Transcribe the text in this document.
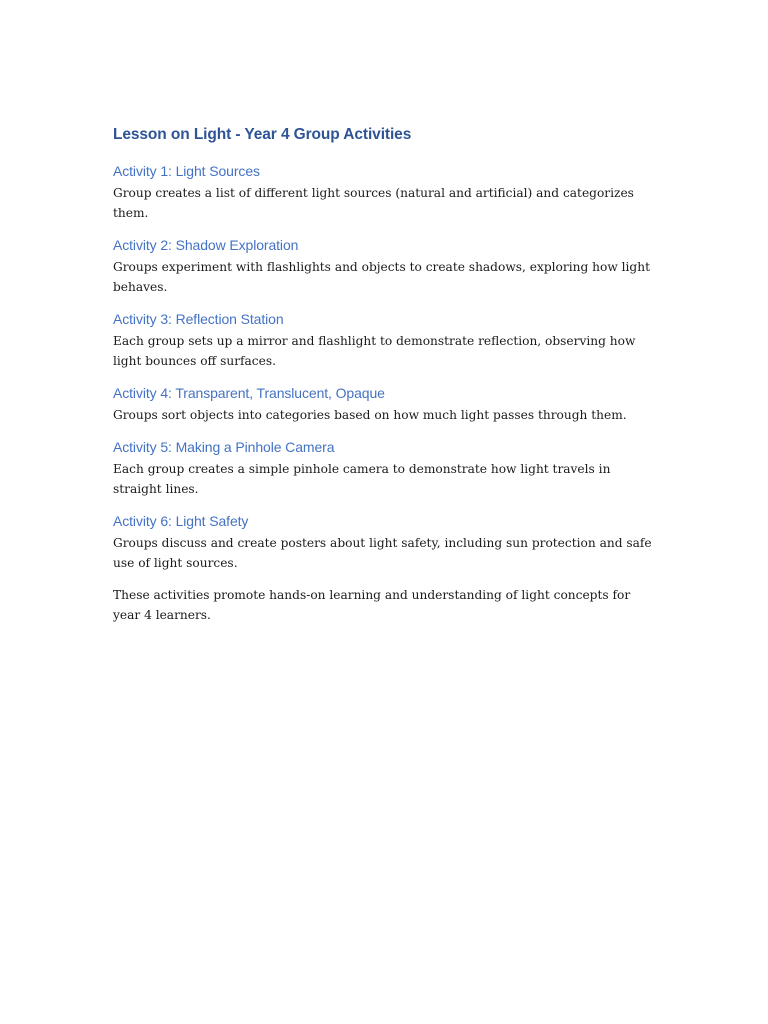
Lesson on Light - Year 4 Group Activities
Activity 1: Light Sources

Group creates a list of different light sources (natural and artificial) and categorizes them.

Activity 2: Shadow Exploration

Groups experiment with flashlights and objects to create shadows, exploring how light behaves.

Activity 3: Reflection Station

Each group sets up a mirror and flashlight to demonstrate reflection, observing how light bounces off surfaces.

Activity 4: Transparent, Translucent, Opaque

Groups sort objects into categories based on how much light passes through them.

Activity 5: Making a Pinhole Camera

Each group creates a simple pinhole camera to demonstrate how light travels in straight lines.

Activity 6: Light Safety

Groups discuss and create posters about light safety, including sun protection and safe use of light sources.

These activities promote hands-on learning and understanding of light concepts for year 4 learners.
